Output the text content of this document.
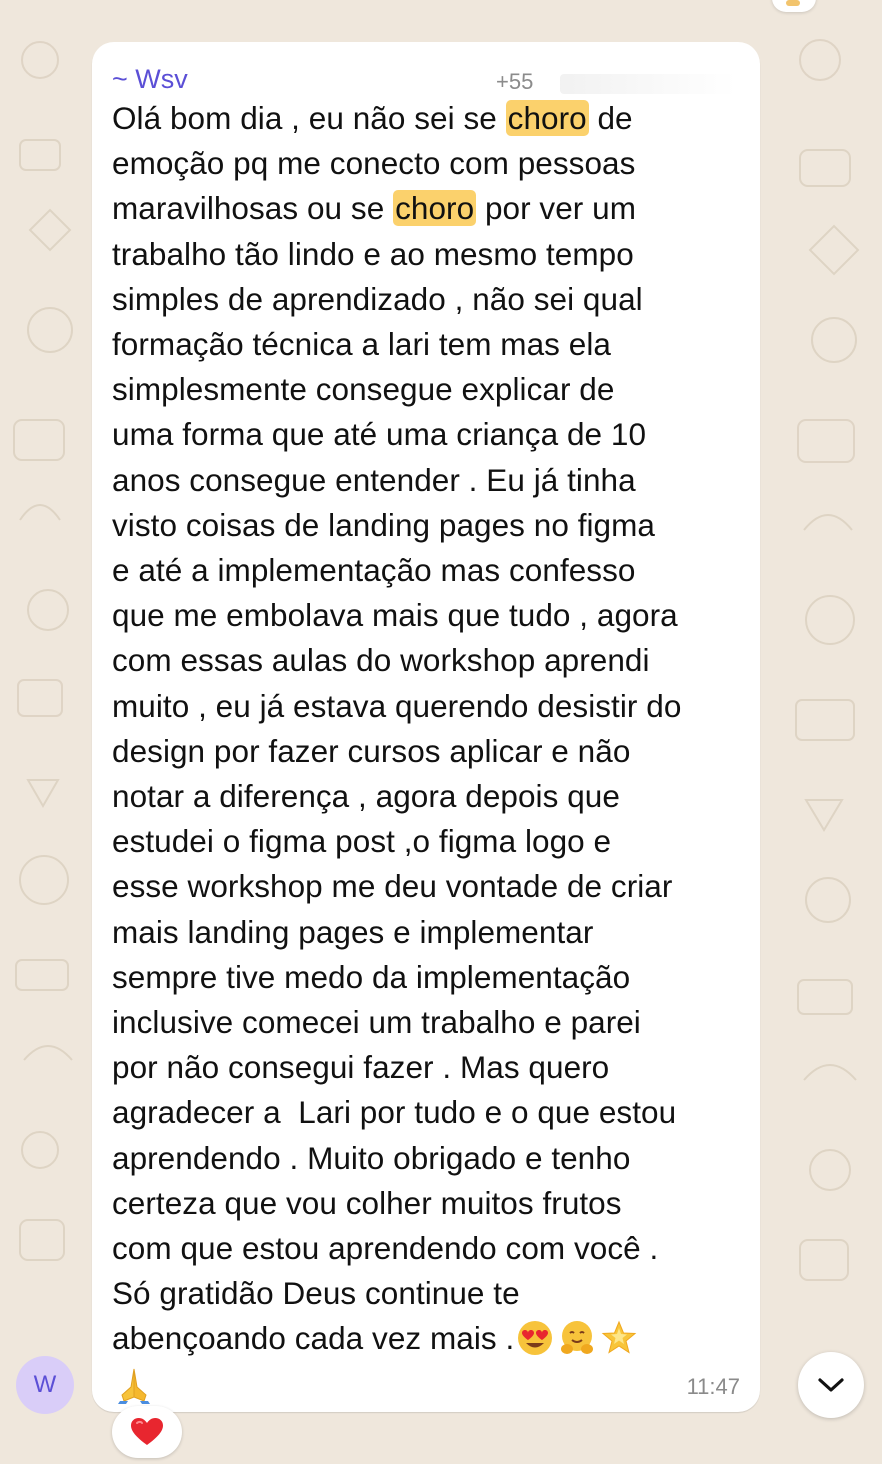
~ Wsv	+55
Olá bom dia , eu não sei se choro de
emoção pq me conecto com pessoas
maravilhosas ou se choro por ver um
trabalho tão lindo e ao mesmo tempo
simples de aprendizado , não sei qual
formação técnica a lari tem mas ela
simplesmente consegue explicar de
uma forma que até uma criança de 10
anos consegue entender . Eu já tinha
visto coisas de landing pages no figma
e até a implementação mas confesso
que me embolava mais que tudo , agora
com essas aulas do workshop aprendi
muito , eu já estava querendo desistir do
design por fazer cursos aplicar e não
notar a diferença , agora depois que
estudei o figma post ,o figma logo e
esse workshop me deu vontade de criar
mais landing pages e implementar
sempre tive medo da implementação
inclusive comecei um trabalho e parei
por não consegui fazer . Mas quero
agradecer a  Lari por tudo e o que estou
aprendendo . Muito obrigado e tenho
certeza que vou colher muitos frutos
com que estou aprendendo com você .
Só gratidão Deus continue te
abençoando cada vez mais .
11:47
W
